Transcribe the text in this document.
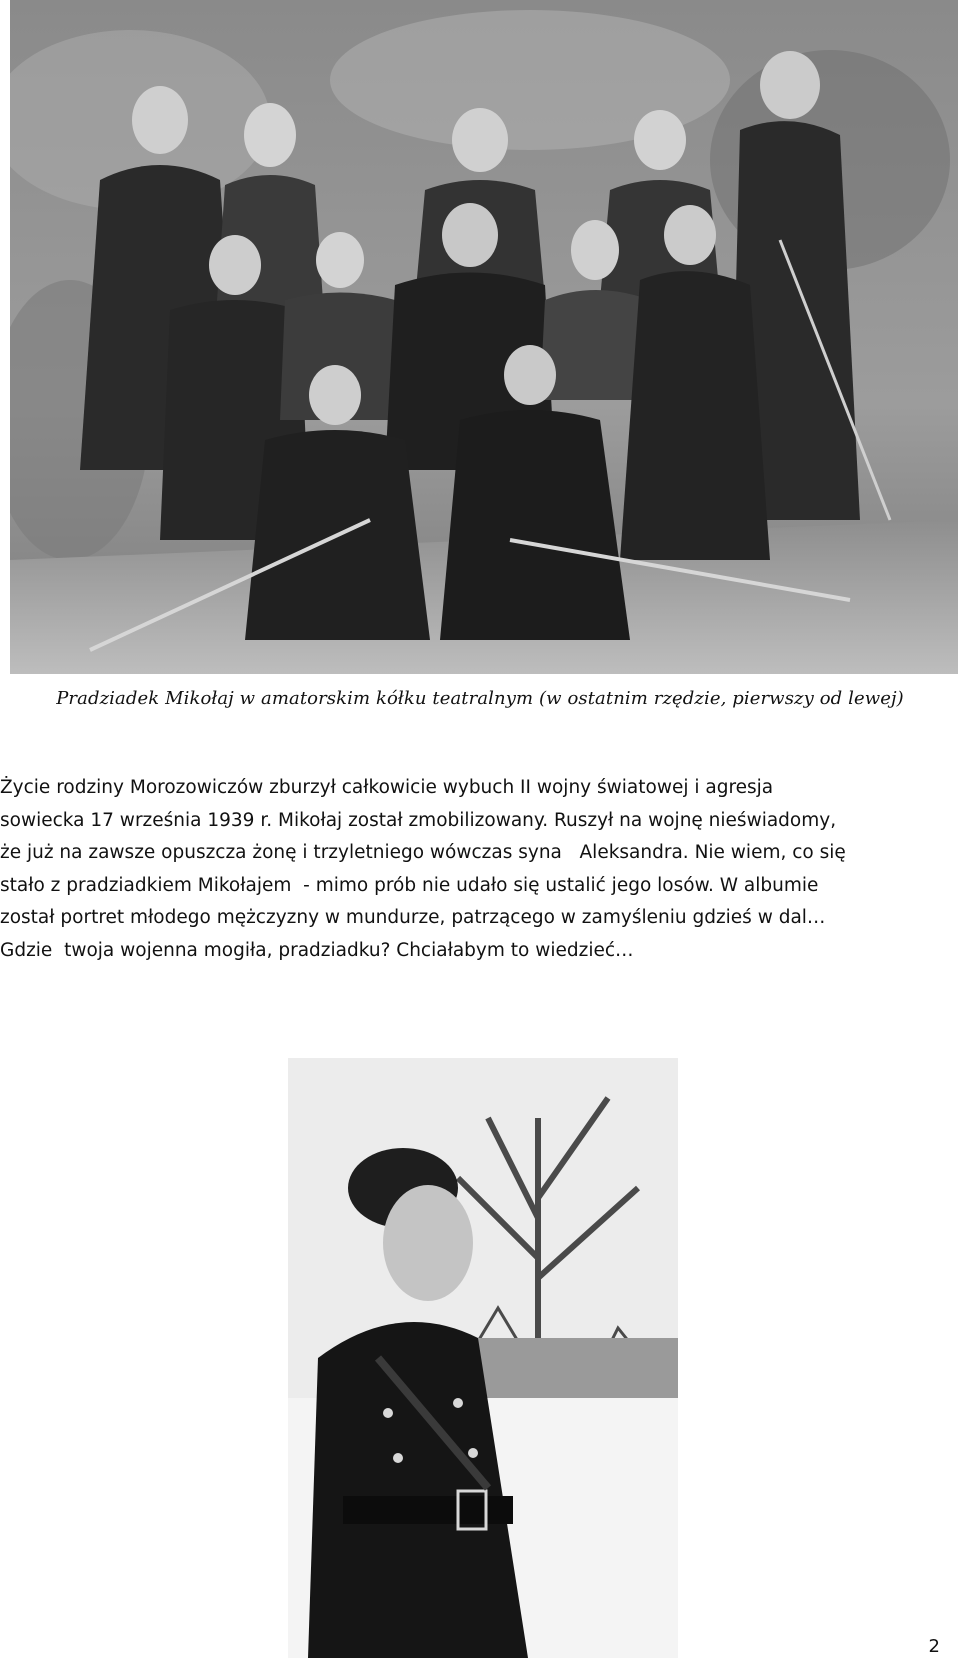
Pradziadek Mikołaj w amatorskim kółku teatralnym (w ostatnim rzędzie, pierwszy od lewej)

Życie rodziny Morozowiczów zburzył całkowicie wybuch II wojny światowej i agresja

sowiecka 17 września 1939 r. Mikołaj został zmobilizowany. Ruszył na wojnę nieświadomy,

że już na zawsze opuszcza żonę i trzyletniego wówczas syna   Aleksandra. Nie wiem, co się

stało z pradziadkiem Mikołajem  - mimo prób nie udało się ustalić jego losów. W albumie

został portret młodego mężczyzny w mundurze, patrzącego w zamyśleniu gdzieś w dal…

Gdzie  twoja wojenna mogiła, pradziadku? Chciałabym to wiedzieć…

2
